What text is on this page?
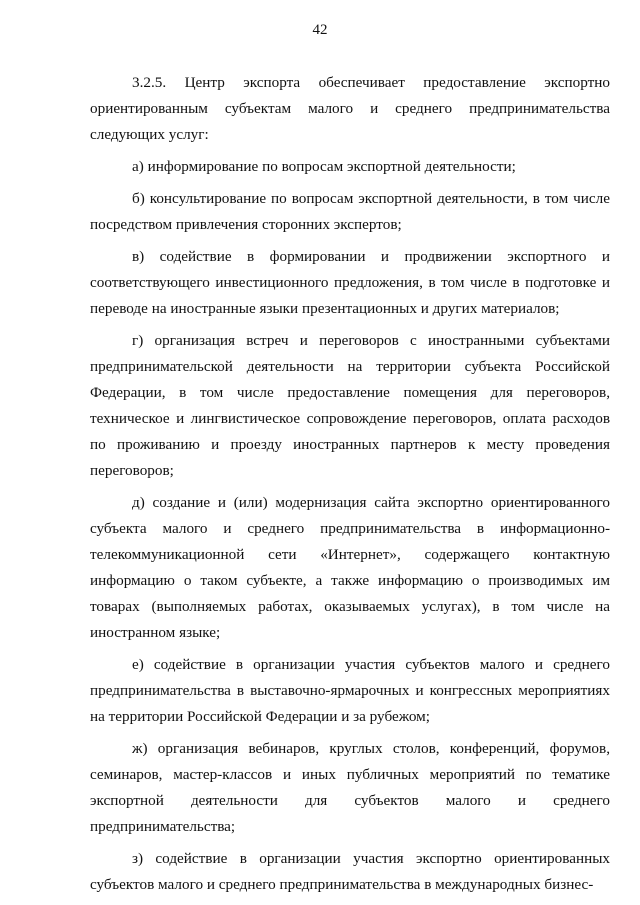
42

3.2.5. Центр экспорта обеспечивает предоставление экспортно ориентированным субъектам малого и среднего предпринимательства следующих услуг:

а) информирование по вопросам экспортной деятельности;

б) консультирование по вопросам экспортной деятельности, в том числе посредством привлечения сторонних экспертов;

в) содействие в формировании и продвижении экспортного и соответствующего инвестиционного предложения, в том числе в подготовке и переводе на иностранные языки презентационных и других материалов;

г) организация встреч и переговоров с иностранными субъектами предпринимательской деятельности на территории субъекта Российской Федерации, в том числе предоставление помещения для переговоров, техническое и лингвистическое сопровождение переговоров, оплата расходов по проживанию и проезду иностранных партнеров к месту проведения переговоров;

д) создание и (или) модернизация сайта экспортно ориентированного субъекта малого и среднего предпринимательства в информационно-телекоммуникационной сети «Интернет», содержащего контактную информацию о таком субъекте, а также информацию о производимых им товарах (выполняемых работах, оказываемых услугах), в том числе на иностранном языке;

е) содействие в организации участия субъектов малого и среднего предпринимательства в выставочно-ярмарочных и конгрессных мероприятиях на территории Российской Федерации и за рубежом;

ж) организация вебинаров, круглых столов, конференций, форумов, семинаров, мастер-классов и иных публичных мероприятий по тематике экспортной деятельности для субъектов малого и среднего предпринимательства;

з) содействие в организации участия экспортно ориентированных субъектов малого и среднего предпринимательства в международных бизнес-
